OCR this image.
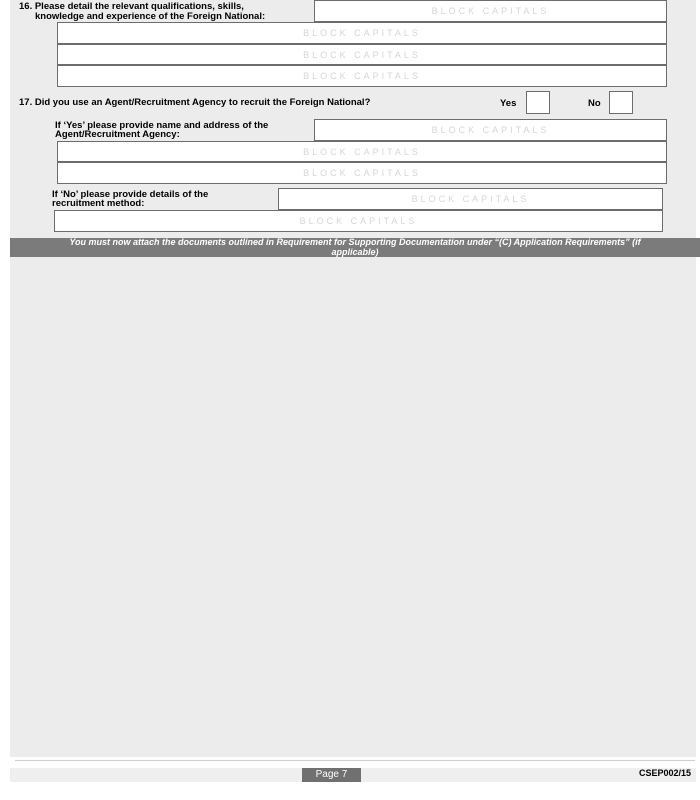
16. Please detail the relevant qualifications, skills,
knowledge and experience of the Foreign National:	BLOCK CAPITALS
BLOCK CAPITALS
BLOCK CAPITALS
BLOCK CAPITALS
17. Did you use an Agent/Recruitment Agency to recruit the Foreign National?	Yes	No
If ‘Yes’ please provide name and address of the
Agent/Recruitment Agency:	BLOCK CAPITALS
BLOCK CAPITALS
BLOCK CAPITALS
If ‘No’ please provide details of the
recruitment method:	BLOCK CAPITALS
BLOCK CAPITALS
You must now attach the documents outlined in Requirement for Supporting Documentation under “(C) Application Requirements” (if
applicable)
Page 7	CSEP002/15
